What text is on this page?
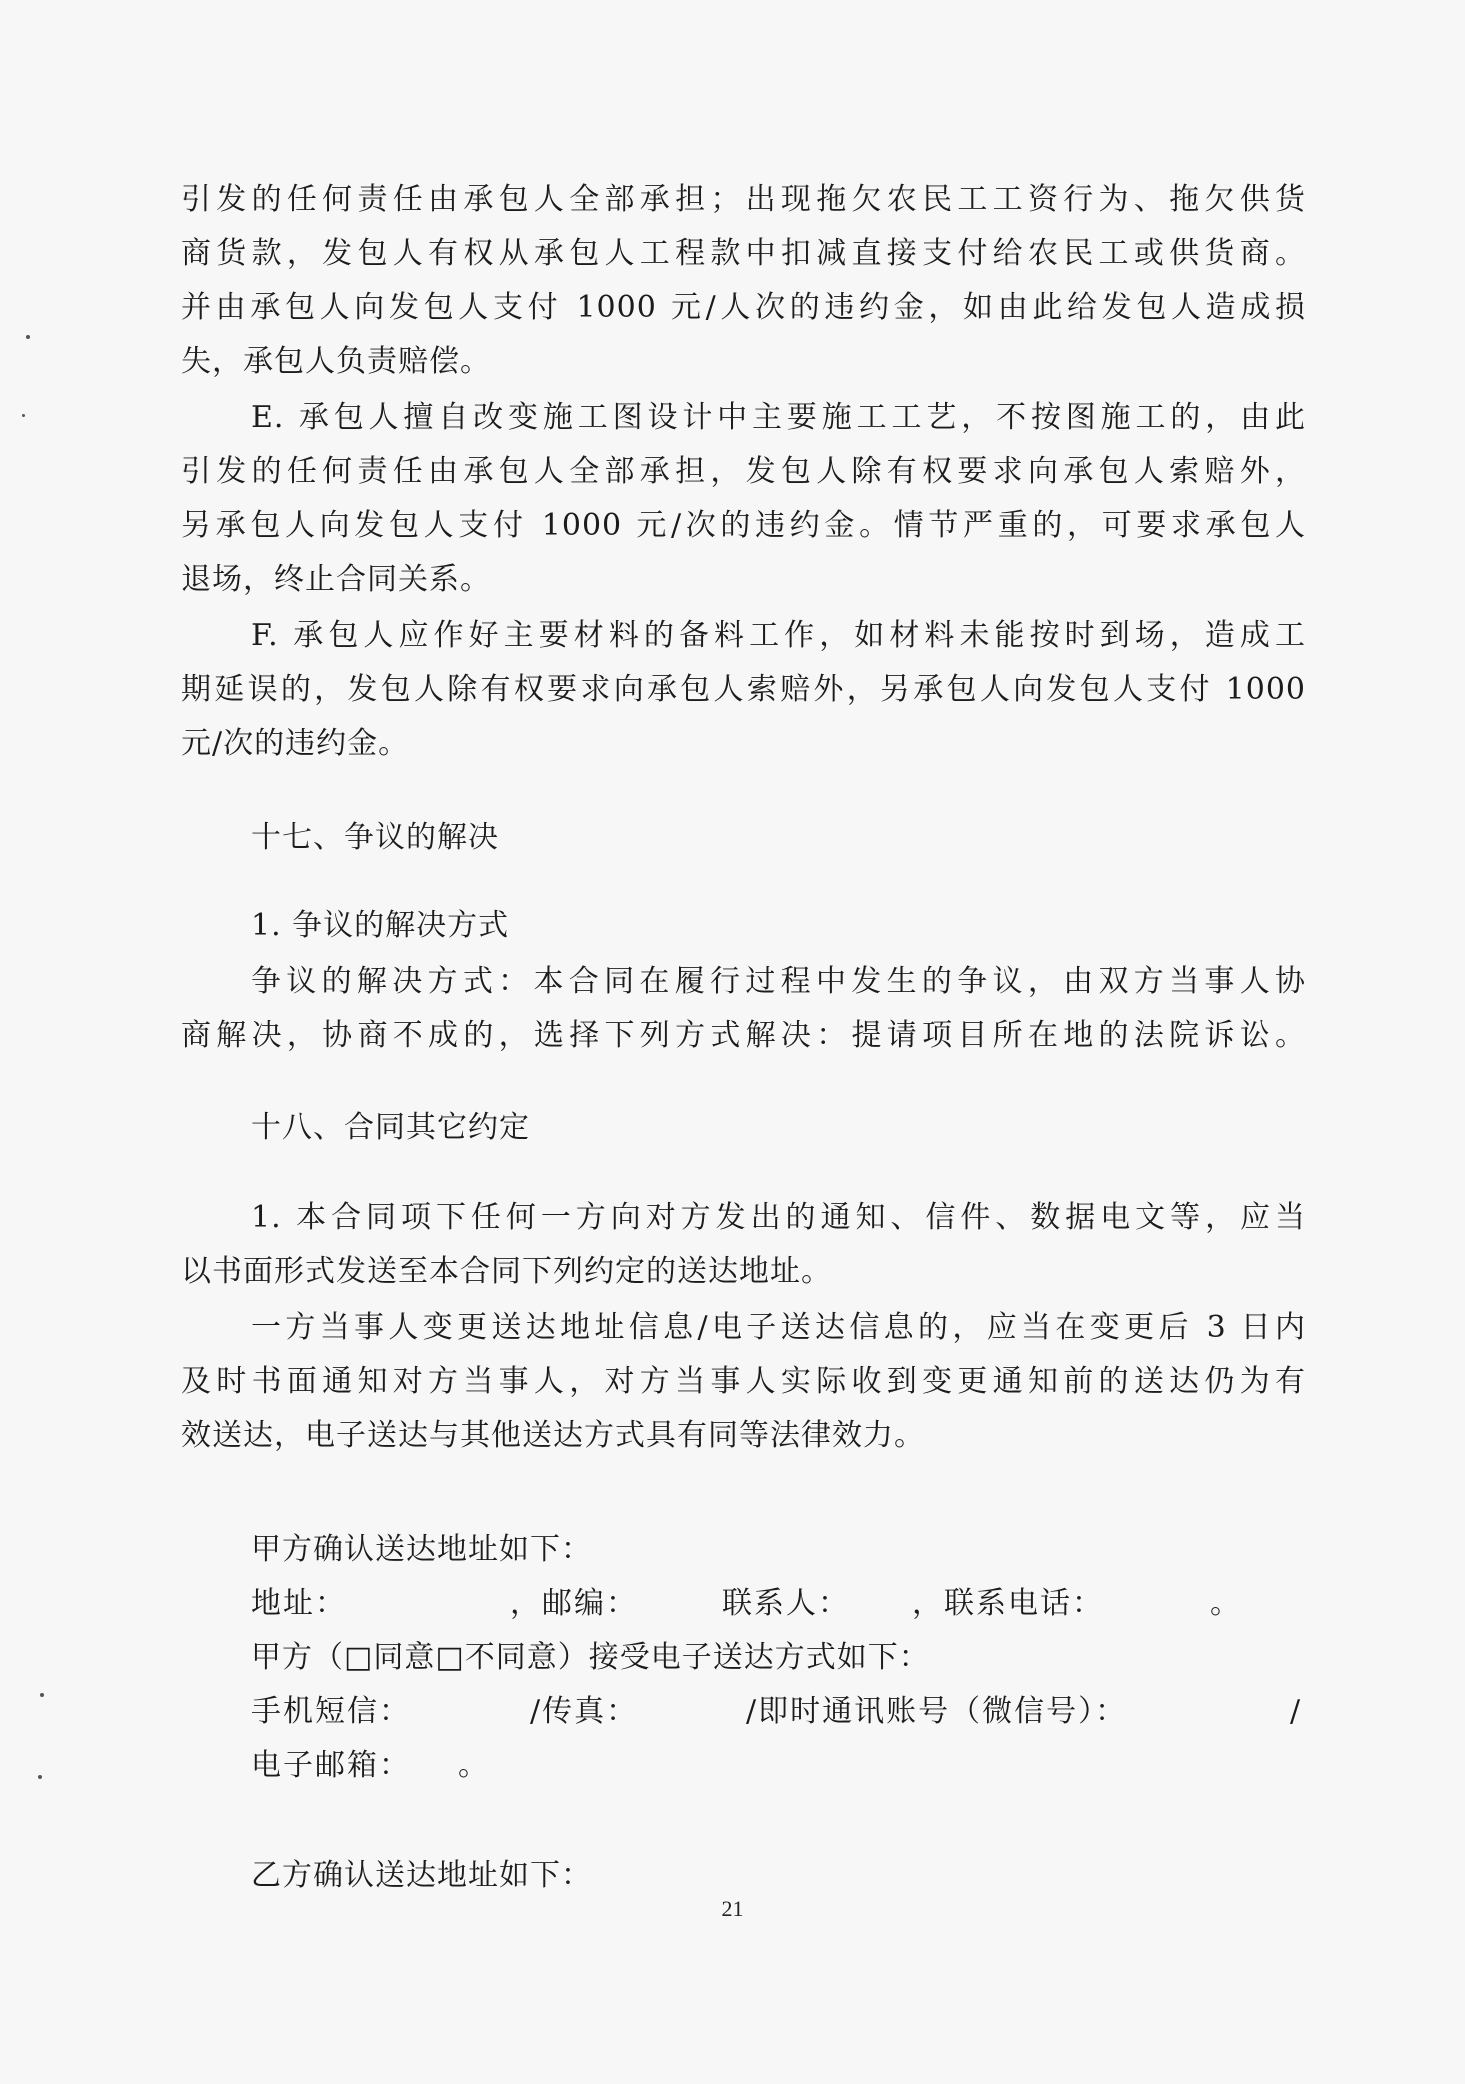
引发的任何责任由承包人全部承担；出现拖欠农民工工资行为、拖欠供货
商货款，发包人有权从承包人工程款中扣减直接支付给农民工或供货商。
并由承包人向发包人支付 1000 元/人次的违约金，如由此给发包人造成损
失，承包人负责赔偿。
E. 承包人擅自改变施工图设计中主要施工工艺，不按图施工的，由此
引发的任何责任由承包人全部承担，发包人除有权要求向承包人索赔外，
另承包人向发包人支付 1000 元/次的违约金。情节严重的，可要求承包人
退场，终止合同关系。
F. 承包人应作好主要材料的备料工作，如材料未能按时到场，造成工
期延误的，发包人除有权要求向承包人索赔外，另承包人向发包人支付 1000
元/次的违约金。
十七、争议的解决
1. 争议的解决方式
争议的解决方式：本合同在履行过程中发生的争议，由双方当事人协
商解决，协商不成的，选择下列方式解决：提请项目所在地的法院诉讼。
十八、合同其它约定
1. 本合同项下任何一方向对方发出的通知、信件、数据电文等，应当
以书面形式发送至本合同下列约定的送达地址。
一方当事人变更送达地址信息/电子送达信息的，应当在变更后 3 日内
及时书面通知对方当事人，对方当事人实际收到变更通知前的送达仍为有
效送达，电子送达与其他送达方式具有同等法律效力。
甲方确认送达地址如下：
地址：	，邮编：	联系人： ，联系电话：	。
甲方（□同意□不同意）接受电子送达方式如下：
手机短信：	/传真：	/即时通讯账号（微信号）：	/
电子邮箱： 。
乙方确认送达地址如下：
21
